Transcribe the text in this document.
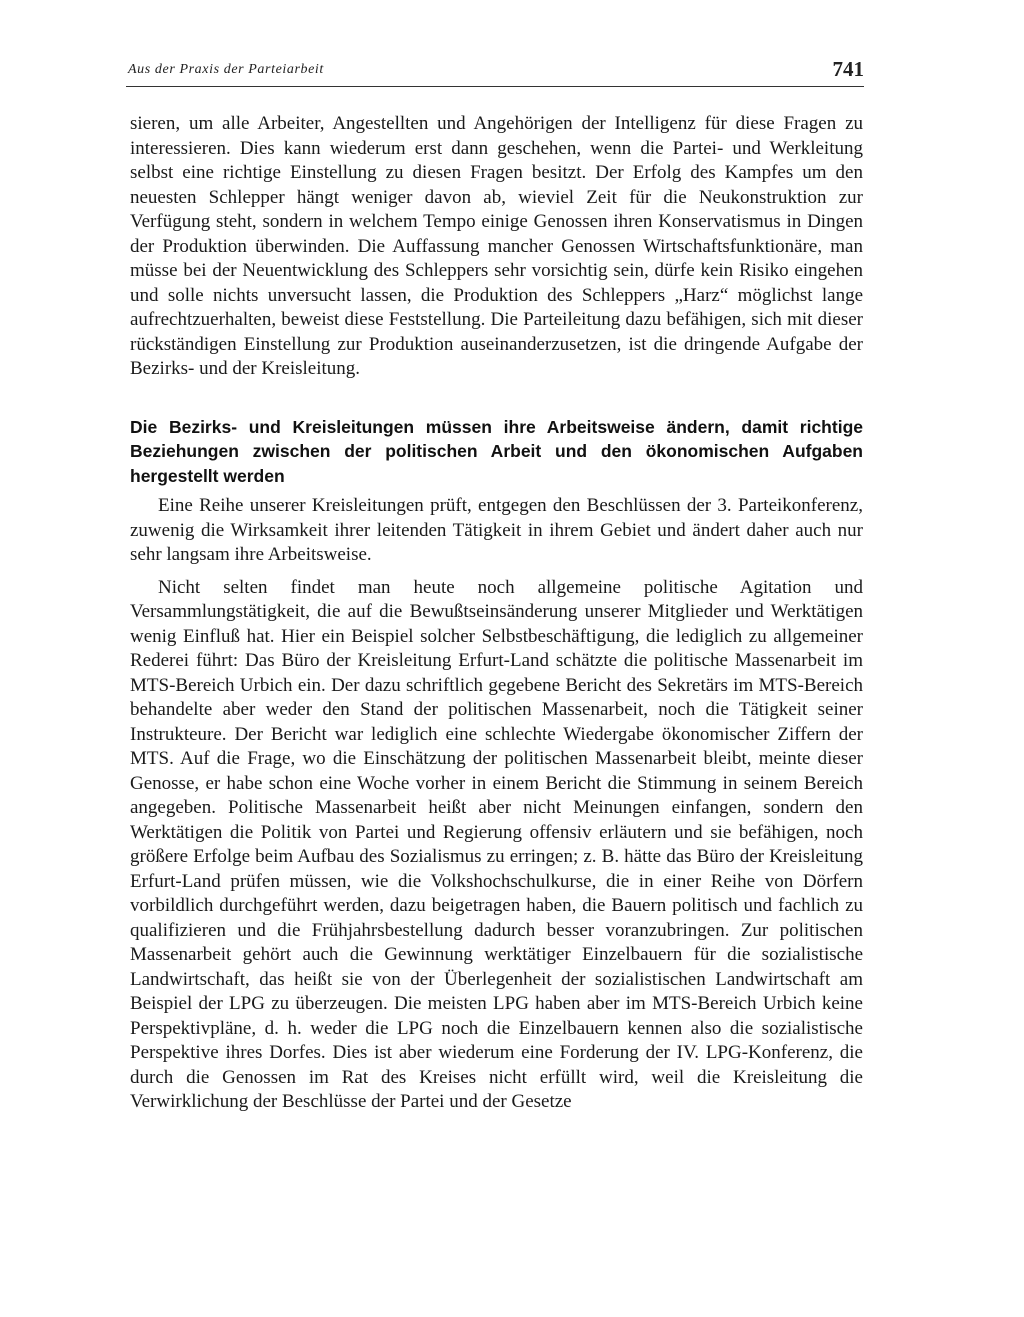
Aus der Praxis der Parteiarbeit	741

sieren, um alle Arbeiter, Angestellten und Angehörigen der Intelligenz für diese Fragen zu interessieren. Dies kann wiederum erst dann geschehen, wenn die Partei- und Werkleitung selbst eine richtige Einstellung zu diesen Fragen besitzt. Der Erfolg des Kampfes um den neuesten Schlepper hängt weniger davon ab, wieviel Zeit für die Neukonstruktion zur Verfügung steht, sondern in welchem Tempo einige Genossen ihren Konservatismus in Dingen der Produktion überwinden. Die Auffassung mancher Genossen Wirtschaftsfunktionäre, man müsse bei der Neuentwicklung des Schleppers sehr vorsichtig sein, dürfe kein Risiko eingehen und solle nichts unversucht lassen, die Produktion des Schleppers „Harz“ möglichst lange aufrechtzuerhalten, beweist diese Feststellung. Die Parteileitung dazu befähigen, sich mit dieser rückständigen Einstellung zur Produktion auseinanderzusetzen, ist die dringende Aufgabe der Bezirks- und der Kreisleitung.

Die Bezirks- und Kreisleitungen müssen ihre Arbeitsweise ändern, damit richtige Beziehungen zwischen der politischen Arbeit und den ökonomischen Aufgaben hergestellt werden

Eine Reihe unserer Kreisleitungen prüft, entgegen den Beschlüssen der 3. Parteikonferenz, zuwenig die Wirksamkeit ihrer leitenden Tätigkeit in ihrem Gebiet und ändert daher auch nur sehr langsam ihre Arbeitsweise.

Nicht selten findet man heute noch allgemeine politische Agitation und Versammlungstätigkeit, die auf die Bewußtseinsänderung unserer Mitglieder und Werktätigen wenig Einfluß hat. Hier ein Beispiel solcher Selbstbeschäftigung, die lediglich zu allgemeiner Rederei führt: Das Büro der Kreisleitung Erfurt-Land schätzte die politische Massenarbeit im MTS-Bereich Urbich ein. Der dazu schriftlich gegebene Bericht des Sekretärs im MTS-Bereich behandelte aber weder den Stand der politischen Massenarbeit, noch die Tätigkeit seiner Instrukteure. Der Bericht war lediglich eine schlechte Wiedergabe ökonomischer Ziffern der MTS. Auf die Frage, wo die Einschätzung der politischen Massenarbeit bleibt, meinte dieser Genosse, er habe schon eine Woche vorher in einem Bericht die Stimmung in seinem Bereich angegeben. Politische Massenarbeit heißt aber nicht Meinungen einfangen, sondern den Werktätigen die Politik von Partei und Regierung offensiv erläutern und sie befähigen, noch größere Erfolge beim Aufbau des Sozialismus zu erringen; z. B. hätte das Büro der Kreisleitung Erfurt-Land prüfen müssen, wie die Volkshochschulkurse, die in einer Reihe von Dörfern vorbildlich durchgeführt werden, dazu beigetragen haben, die Bauern politisch und fachlich zu qualifizieren und die Frühjahrsbestellung dadurch besser voranzubringen. Zur politischen Massenarbeit gehört auch die Gewinnung werktätiger Einzelbauern für die sozialistische Landwirtschaft, das heißt sie von der Überlegenheit der sozialistischen Landwirtschaft am Beispiel der LPG zu überzeugen. Die meisten LPG haben aber im MTS-Bereich Urbich keine Perspektivpläne, d. h. weder die LPG noch die Einzelbauern kennen also die sozialistische Perspektive ihres Dorfes. Dies ist aber wiederum eine Forderung der IV. LPG-Konferenz, die durch die Genossen im Rat des Kreises nicht erfüllt wird, weil die Kreisleitung die Verwirklichung der Beschlüsse der Partei und der Gesetze
